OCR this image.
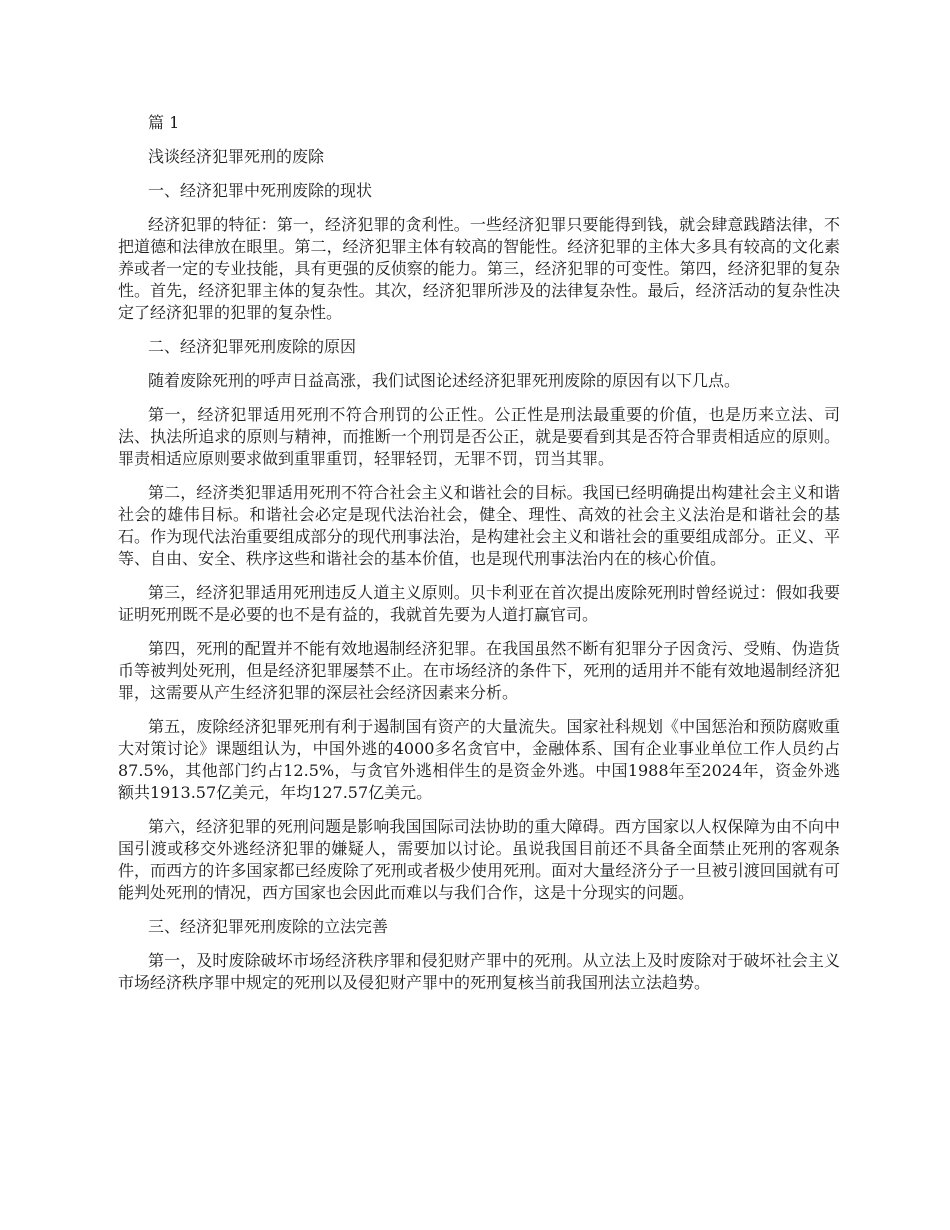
篇 1

浅谈经济犯罪死刑的废除

一、经济犯罪中死刑废除的现状

经济犯罪的特征：第一，经济犯罪的贪利性。一些经济犯罪只要能得到钱，就会肆意践踏法律，不把道德和法律放在眼里。第二，经济犯罪主体有较高的智能性。经济犯罪的主体大多具有较高的文化素养或者一定的专业技能，具有更强的反侦察的能力。第三，经济犯罪的可变性。第四，经济犯罪的复杂性。首先，经济犯罪主体的复杂性。其次，经济犯罪所涉及的法律复杂性。最后，经济活动的复杂性决定了经济犯罪的犯罪的复杂性。

二、经济犯罪死刑废除的原因

随着废除死刑的呼声日益高涨，我们试图论述经济犯罪死刑废除的原因有以下几点。

第一，经济犯罪适用死刑不符合刑罚的公正性。公正性是刑法最重要的价值，也是历来立法、司法、执法所追求的原则与精神，而推断一个刑罚是否公正，就是要看到其是否符合罪责相适应的原则。罪责相适应原则要求做到重罪重罚，轻罪轻罚，无罪不罚，罚当其罪。

第二，经济类犯罪适用死刑不符合社会主义和谐社会的目标。我国已经明确提出构建社会主义和谐社会的雄伟目标。和谐社会必定是现代法治社会，健全、理性、高效的社会主义法治是和谐社会的基石。作为现代法治重要组成部分的现代刑事法治，是构建社会主义和谐社会的重要组成部分。正义、平等、自由、安全、秩序这些和谐社会的基本价值，也是现代刑事法治内在的核心价值。

第三，经济犯罪适用死刑违反人道主义原则。贝卡利亚在首次提出废除死刑时曾经说过：假如我要证明死刑既不是必要的也不是有益的，我就首先要为人道打赢官司。

第四，死刑的配置并不能有效地遏制经济犯罪。在我国虽然不断有犯罪分子因贪污、受贿、伪造货币等被判处死刑，但是经济犯罪屡禁不止。在市场经济的条件下，死刑的适用并不能有效地遏制经济犯罪，这需要从产生经济犯罪的深层社会经济因素来分析。

第五，废除经济犯罪死刑有利于遏制国有资产的大量流失。国家社科规划《中国惩治和预防腐败重大对策讨论》课题组认为，中国外逃的4000多名贪官中，金融体系、国有企业事业单位工作人员约占87.5%，其他部门约占12.5%，与贪官外逃相伴生的是资金外逃。中国1988年至2024年，资金外逃额共1913.57亿美元，年均127.57亿美元。

第六，经济犯罪的死刑问题是影响我国国际司法协助的重大障碍。西方国家以人权保障为由不向中国引渡或移交外逃经济犯罪的嫌疑人，需要加以讨论。虽说我国目前还不具备全面禁止死刑的客观条件，而西方的许多国家都已经废除了死刑或者极少使用死刑。面对大量经济分子一旦被引渡回国就有可能判处死刑的情况，西方国家也会因此而难以与我们合作，这是十分现实的问题。

三、经济犯罪死刑废除的立法完善

第一，及时废除破坏市场经济秩序罪和侵犯财产罪中的死刑。从立法上及时废除对于破坏社会主义市场经济秩序罪中规定的死刑以及侵犯财产罪中的死刑复核当前我国刑法立法趋势。
